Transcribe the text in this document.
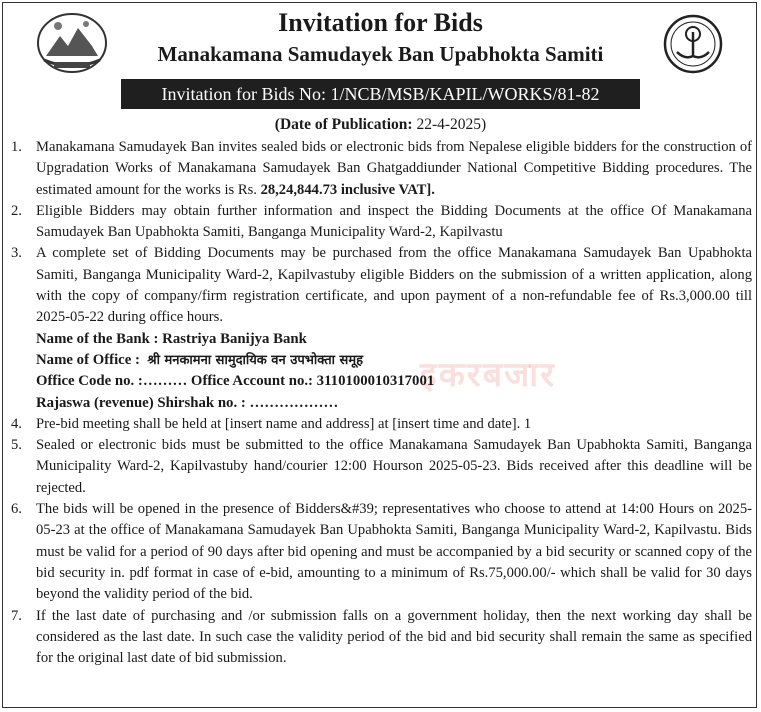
Invitation for Bids
Manakamana Samudayek Ban Upabhokta Samiti
Invitation for Bids No: 1/NCB/MSB/KAPIL/WORKS/81-82
(Date of Publication: 22-4-2025)
इकरबजार
1. Manakamana Samudayek Ban invites sealed bids or electronic bids from Nepalese eligible bidders for the construction of Upgradation Works of Manakamana Samudayek Ban Ghatgaddiunder National Competitive Bidding procedures. The estimated amount for the works is Rs. 28,24,844.73 inclusive VAT].
2. Eligible Bidders may obtain further information and inspect the Bidding Documents at the office Of Manakamana Samudayek Ban Upabhokta Samiti, Banganga Municipality Ward-2, Kapilvastu
3. A complete set of Bidding Documents may be purchased from the office Manakamana Samudayek Ban Upabhokta Samiti, Banganga Municipality Ward-2, Kapilvastuby eligible Bidders on the submission of a written application, along with the copy of company/firm registration certificate, and upon payment of a non-refundable fee of Rs.3,000.00 till 2025-05-22 during office hours.
Name of the Bank : Rastriya Banijya Bank
Name of Office : श्री मनकामना सामुदायिक वन उपभोक्ता समूह
Office Code no. :……… Office Account no.: 3110100010317001
Rajaswa (revenue) Shirshak no. : ………………
4. Pre-bid meeting shall be held at [insert name and address] at [insert time and date]. 1
5. Sealed or electronic bids must be submitted to the office Manakamana Samudayek Ban Upabhokta Samiti, Banganga Municipality Ward-2, Kapilvastuby hand/courier 12:00 Hourson 2025-05-23. Bids received after this deadline will be rejected.
6. The bids will be opened in the presence of Bidders&#39; representatives who choose to attend at 14:00 Hours on 2025-05-23 at the office of Manakamana Samudayek Ban Upabhokta Samiti, Banganga Municipality Ward-2, Kapilvastu. Bids must be valid for a period of 90 days after bid opening and must be accompanied by a bid security or scanned copy of the bid security in. pdf format in case of e-bid, amounting to a minimum of Rs.75,000.00/- which shall be valid for 30 days beyond the validity period of the bid.
7. If the last date of purchasing and /or submission falls on a government holiday, then the next working day shall be considered as the last date. In such case the validity period of the bid and bid security shall remain the same as specified for the original last date of bid submission.
